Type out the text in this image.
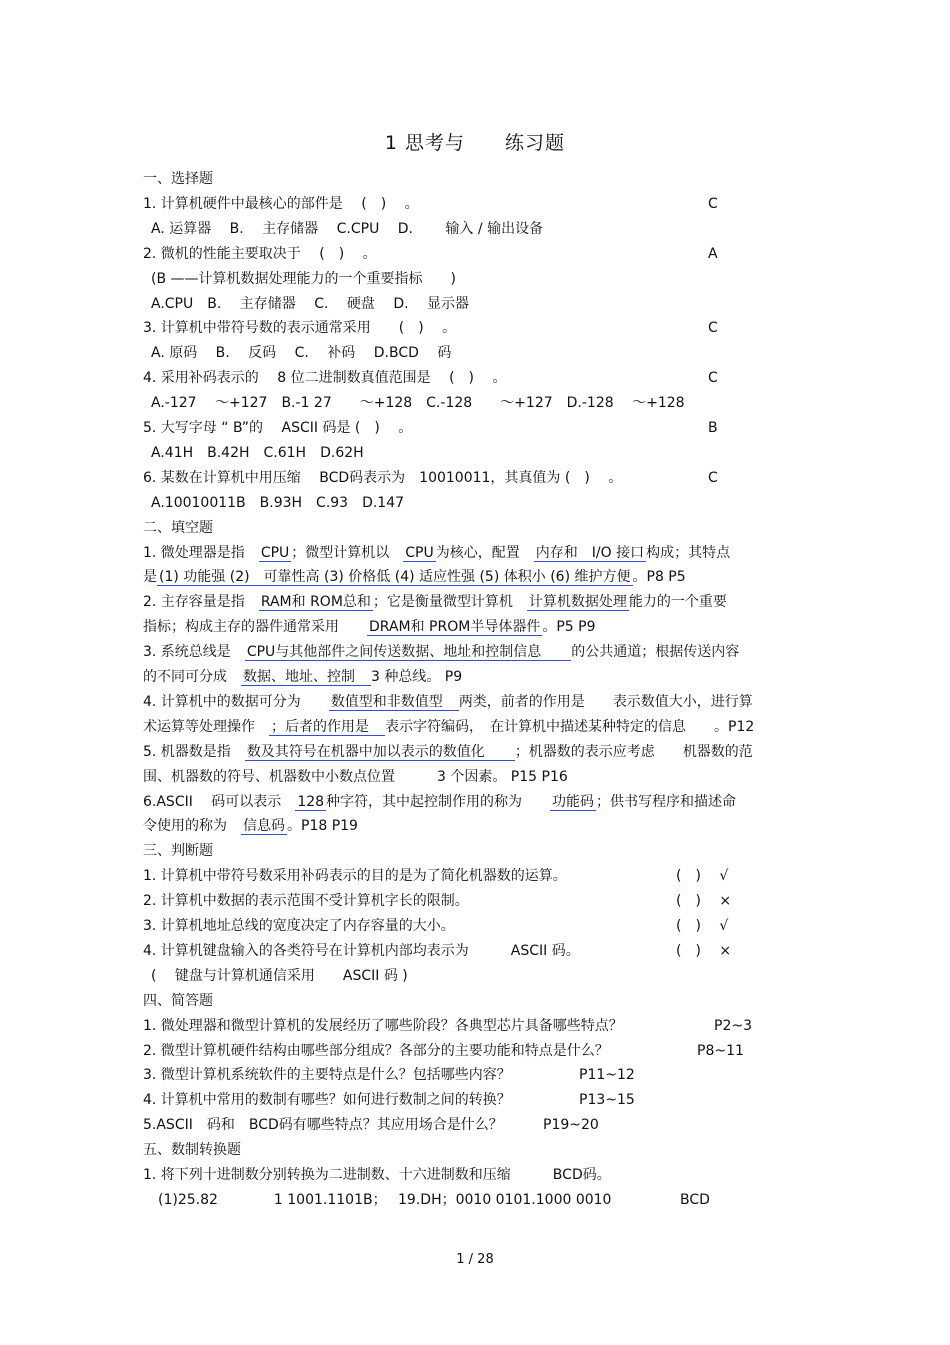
1 思考与　　练习题
一、选择题
1. 计算机硬件中最核心的部件是　 (　)　 。	C
A. 运算器　 B.　 主存储器　 C.CPU　 D.　　 输入 / 输出设备
2. 微机的性能主要取决于　 (　)　 。	A
(B ——计算机数据处理能力的一个重要指标　　)
A.CPU　B.　 主存储器　 C.　 硬盘　 D.　 显示器
3. 计算机中带符号数的表示通常采用　　(　)　 。	C
A. 原码　 B.　 反码　 C.　 补码　 D.BCD　 码
4. 采用补码表示的　 8 位二进制数真值范围是　 (　)　 。	C
A.-127　 ～+127　B.-1 27　　～+128　C.-128　　～+127　D.-128　 ～+128
5. 大写字母 “ B”的　 ASCII 码是 (　)　 。	B
A.41H　B.42H　C.61H　D.62H
6. 某数在计算机中用压缩　 BCD码表示为　10010011，其真值为 (　)　 。	C
A.10010011B　B.93H　C.93　D.147
二、填空题
1. 微处理器是指　CPU ；微型计算机以　CPU 为核心，配置　内存和　I/O 接口 构成；其特点
是 (1) 功能强 (2)　可靠性高 (3) 价格低 (4) 适应性强 (5) 体积小 (6) 维护方便 。P8 P5
2. 主存容量是指　RAM和 ROM总和 ；它是衡量微型计算机　计算机数据处理 能力的一个重要
指标；构成主存的器件通常采用　　DRAM和 PROM半导体器件 。P5 P9
3. 系统总线是　CPU与其他部件之间传送数据、地址和控制信息　　的公共通道；根据传送内容
的不同可分成　数据、地址、控制　3 种总线。 P9
4. 计算机中的数据可分为　　数值型和非数值型　两类，前者的作用是　　表示数值大小，进行算
术运算等处理操作　；后者的作用是　表示字符编码，　在计算机中描述某种特定的信息　　。P12
5. 机器数是指　数及其符号在机器中加以表示的数值化　　；机器数的表示应考虑　　机器数的范
围、机器数的符号、机器数中小数点位置　　　3 个因素。 P15 P16
6.ASCII　 码可以表示　128 种字符，其中起控制作用的称为　　功能码 ；供书写程序和描述命
令使用的称为　信息码 。P18 P19
三、判断题
1. 计算机中带符号数采用补码表示的目的是为了简化机器数的运算。	(　)　 √
2. 计算机中数据的表示范围不受计算机字长的限制。	(　)　 ×
3. 计算机地址总线的宽度决定了内存容量的大小。	(　)　 √
4. 计算机键盘输入的各类符号在计算机内部均表示为　　　ASCII 码。	(　)　 ×
(　 键盘与计算机通信采用　　ASCII 码 )
四、简答题
1. 微处理器和微型计算机的发展经历了哪些阶段？各典型芯片具备哪些特点？	P2~3
2. 微型计算机硬件结构由哪些部分组成？各部分的主要功能和特点是什么？	P8~11
3. 微型计算机系统软件的主要特点是什么？包括哪些内容？	P11~12
4. 计算机中常用的数制有哪些？如何进行数制之间的转换？	P13~15
5.ASCII　码和　BCD码有哪些特点？其应用场合是什么？	P19~20
五、数制转换题
1. 将下列十进制数分别转换为二进制数、十六进制数和压缩　　　BCD码。
(1)25.82　　　　1 1001.1101B；　 19.DH；0010 0101.1000 0010	BCD
1 / 28
